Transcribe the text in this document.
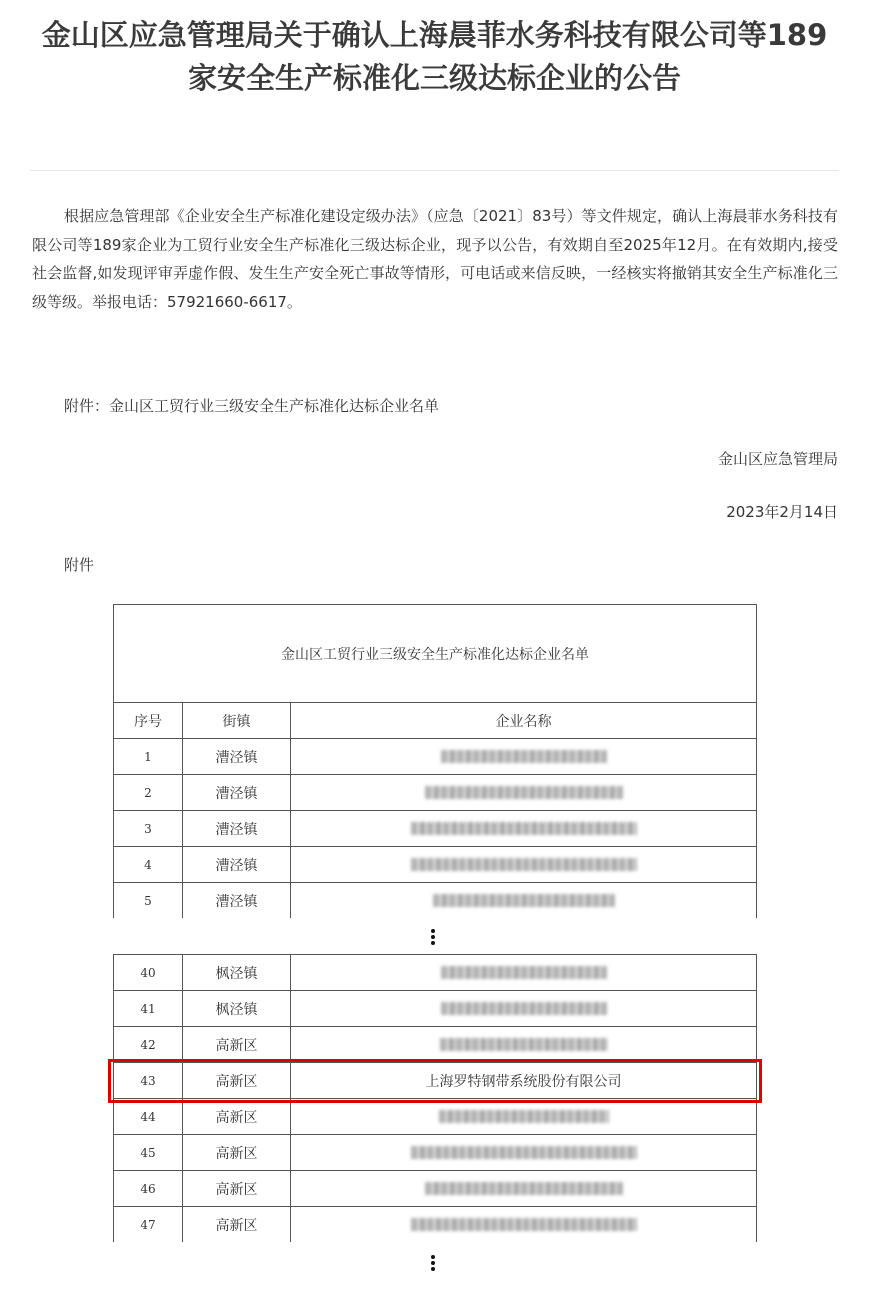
金山区应急管理局关于确认上海晨菲水务科技有限公司等189家安全生产标准化三级达标企业的公告

根据应急管理部《企业安全生产标准化建设定级办法》（应急〔2021〕83号）等文件规定，确认上海晨菲水务科技有限公司等189家企业为工贸行业安全生产标准化三级达标企业，现予以公告，有效期自至2025年12月。在有效期内,接受社会监督,如发现评审弄虚作假、发生生产安全死亡事故等情形，可电话或来信反映，一经核实将撤销其安全生产标准化三级等级。举报电话：57921660-6617。

附件：金山区工贸行业三级安全生产标准化达标企业名单
金山区应急管理局
2023年2月14日
附件
金山区工贸行业三级安全生产标准化达标企业名单		
序号	街镇	企业名称
1	漕泾镇	
2	漕泾镇	
3	漕泾镇	
4	漕泾镇	
5	漕泾镇	
40	枫泾镇	
41	枫泾镇	
42	高新区	
43	高新区	上海罗特钢带系统股份有限公司
44	高新区	
45	高新区	
46	高新区	
47	高新区	
